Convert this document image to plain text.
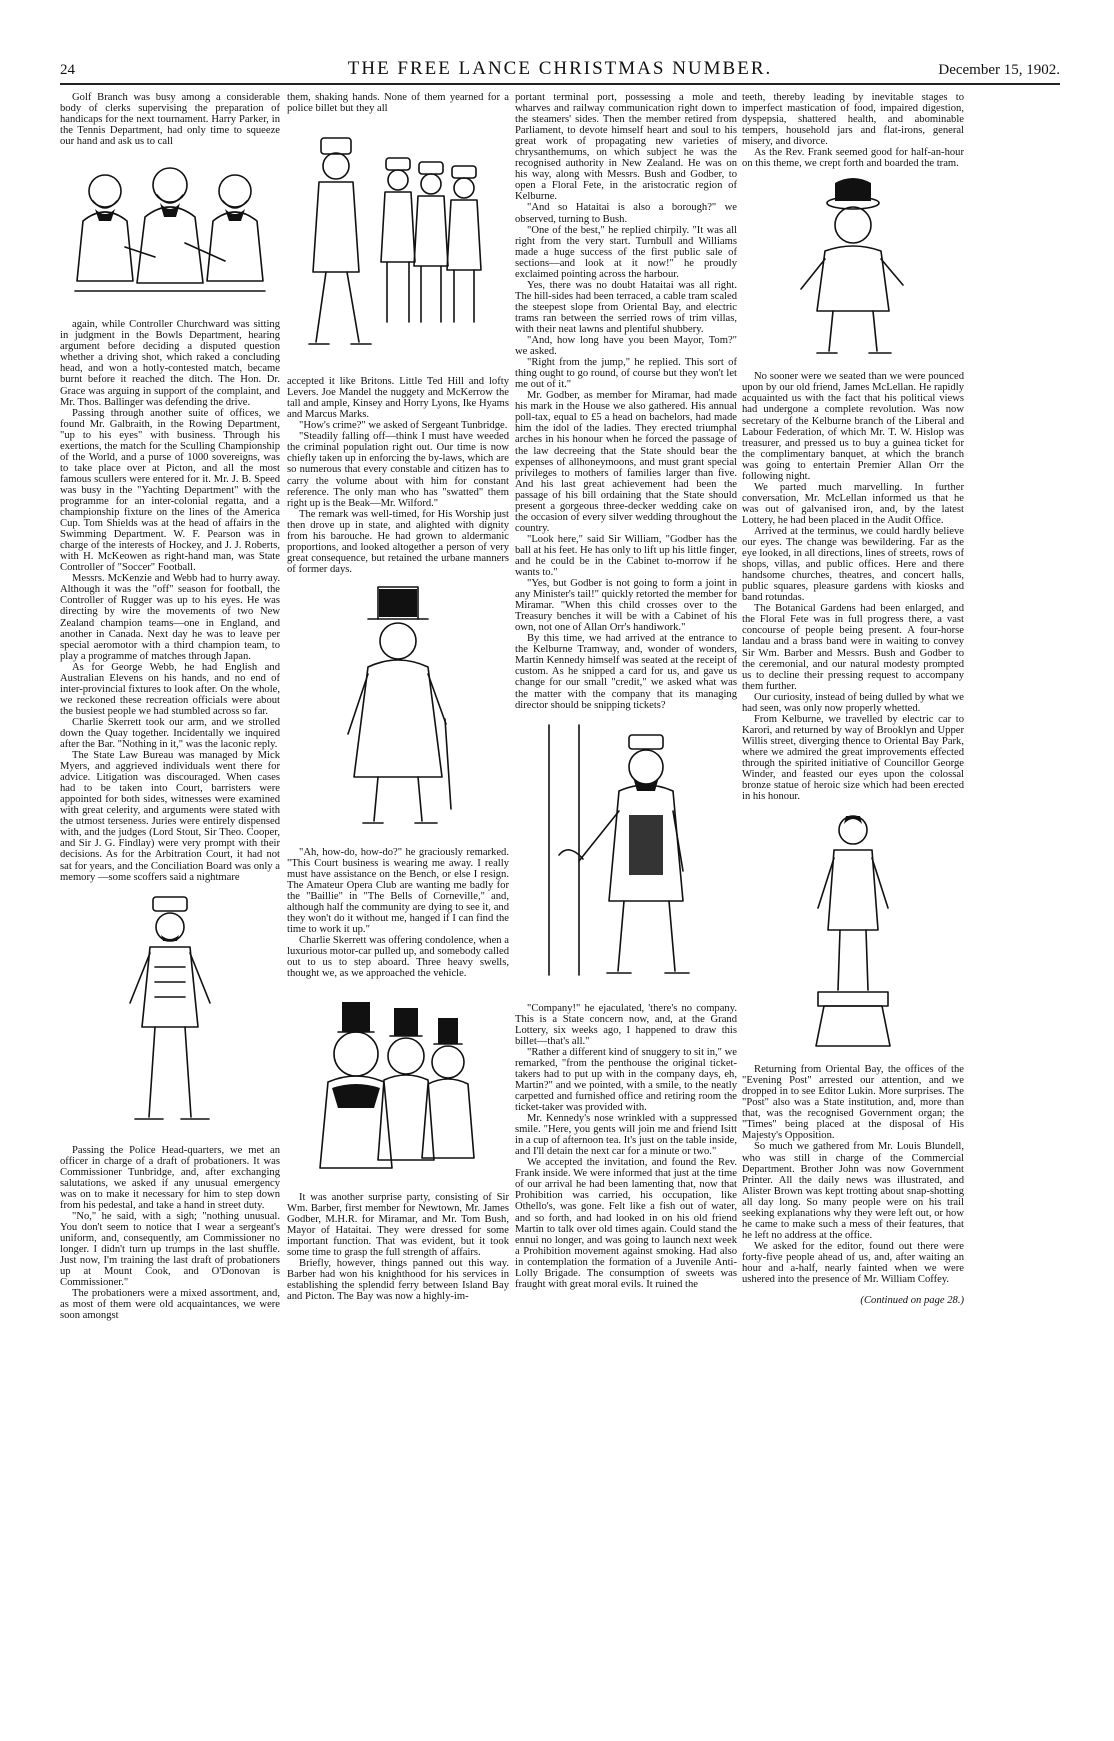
24	THE FREE LANCE CHRISTMAS NUMBER.	December 15, 1902.

Golf Branch was busy among a considerable body of clerks supervising the preparation of handicaps for the next tournament. Harry Parker, in the Tennis Department, had only time to squeeze our hand and ask us to call

again, while Controller Churchward was sitting in judgment in the Bowls Department, hearing argument before deciding a disputed question whether a driving shot, which raked a concluding head, and won a hotly-contested match, became burnt before it reached the ditch. The Hon. Dr. Grace was arguing in support of the complaint, and Mr. Thos. Ballinger was defending the drive.

Passing through another suite of offices, we found Mr. Galbraith, in the Rowing Department, "up to his eyes" with business. Through his exertions, the match for the Sculling Championship of the World, and a purse of 1000 sovereigns, was to take place over at Picton, and all the most famous scullers were entered for it. Mr. J. B. Speed was busy in the "Yachting Department" with the programme for an inter-colonial regatta, and a championship fixture on the lines of the America Cup. Tom Shields was at the head of affairs in the Swimming Department. W. F. Pearson was in charge of the interests of Hockey, and J. J. Roberts, with H. McKeowen as right-hand man, was State Controller of "Soccer" Football.

Messrs. McKenzie and Webb had to hurry away. Although it was the "off" season for football, the Controller of Rugger was up to his eyes. He was directing by wire the movements of two New Zealand champion teams—one in England, and another in Canada. Next day he was to leave per special aeromotor with a third champion team, to play a programme of matches through Japan.

As for George Webb, he had English and Australian Elevens on his hands, and no end of inter-provincial fixtures to look after. On the whole, we reckoned these recreation officials were about the busiest people we had stumbled across so far.

Charlie Skerrett took our arm, and we strolled down the Quay together. Incidentally we inquired after the Bar. "Nothing in it," was the laconic reply.

The State Law Bureau was managed by Mick Myers, and aggrieved individuals went there for advice. Litigation was discouraged. When cases had to be taken into Court, barristers were appointed for both sides, witnesses were examined with great celerity, and arguments were stated with the utmost terseness. Juries were entirely dispensed with, and the judges (Lord Stout, Sir Theo. Cooper, and Sir J. G. Findlay) were very prompt with their decisions. As for the Arbitration Court, it had not sat for years, and the Conciliation Board was only a memory —some scoffers said a nightmare

Passing the Police Head-quarters, we met an officer in charge of a draft of probationers. It was Commissioner Tunbridge, and, after exchanging salutations, we asked if any unusual emergency was on to make it necessary for him to step down from his pedestal, and take a hand in street duty.

"No," he said, with a sigh; "nothing unusual. You don't seem to notice that I wear a sergeant's uniform, and, consequently, am Commissioner no longer. I didn't turn up trumps in the last shuffle. Just now, I'm training the last draft of probationers up at Mount Cook, and O'Donovan is Commissioner."

The probationers were a mixed assortment, and, as most of them were old acquaintances, we were soon amongst

them, shaking hands. None of them yearned for a police billet but they all

accepted it like Britons. Little Ted Hill and lofty Levers. Joe Mandel the nuggety and McKerrow the tall and ample, Kinsey and Horry Lyons, Ike Hyams and Marcus Marks.

"How's crime?" we asked of Sergeant Tunbridge.

"Steadily falling off—think I must have weeded the criminal population right out. Our time is now chiefly taken up in enforcing the by-laws, which are so numerous that every constable and citizen has to carry the volume about with him for constant reference. The only man who has "swatted" them right up is the Beak—Mr. Wilford."

The remark was well-timed, for His Worship just then drove up in state, and alighted with dignity from his barouche. He had grown to aldermanic proportions, and looked altogether a person of very great consequence, but retained the urbane manners of former days.

"Ah, how-do, how-do?" he graciously remarked. "This Court business is wearing me away. I really must have assistance on the Bench, or else I resign. The Amateur Opera Club are wanting me badly for the "Baillie" in "The Bells of Corneville," and, although half the community are dying to see it, and they won't do it without me, hanged if I can find the time to work it up."

Charlie Skerrett was offering condolence, when a luxurious motor-car pulled up, and somebody called out to us to step aboard. Three heavy swells, thought we, as we approached the vehicle.

It was another surprise party, consisting of Sir Wm. Barber, first member for Newtown, Mr. James Godber, M.H.R. for Miramar, and Mr. Tom Bush, Mayor of Hataitai. They were dressed for some important function. That was evident, but it took some time to grasp the full strength of affairs.

Briefly, however, things panned out this way. Barber had won his knighthood for his services in establishing the splendid ferry between Island Bay and Picton. The Bay was now a highly-im-

portant terminal port, possessing a mole and wharves and railway communication right down to the steamers' sides. Then the member retired from Parliament, to devote himself heart and soul to his great work of propagating new varieties of chrysanthemums, on which subject he was the recognised authority in New Zealand. He was on his way, along with Messrs. Bush and Godber, to open a Floral Fete, in the aristocratic region of Kelburne.

"And so Hataitai is also a borough?" we observed, turning to Bush.

"One of the best," he replied chirpily. "It was all right from the very start. Turnbull and Williams made a huge success of the first public sale of sections—and look at it now!" he proudly exclaimed pointing across the harbour.

Yes, there was no doubt Hataitai was all right. The hill-sides had been terraced, a cable tram scaled the steepest slope from Oriental Bay, and electric trams ran between the serried rows of trim villas, with their neat lawns and plentiful shubbery.

"And, how long have you been Mayor, Tom?" we asked.

"Right from the jump," he replied. This sort of thing ought to go round, of course but they won't let me out of it."

Mr. Godber, as member for Miramar, had made his mark in the House we also gathered. His annual poll-tax, equal to £5 a head on bachelors, had made him the idol of the ladies. They erected triumphal arches in his honour when he forced the passage of the law decreeing that the State should bear the expenses of allhoneymoons, and must grant special privileges to mothers of families larger than five. And his last great achievement had been the passage of his bill ordaining that the State should present a gorgeous three-decker wedding cake on the occasion of every silver wedding throughout the country.

"Look here," said Sir William, "Godber has the ball at his feet. He has only to lift up his little finger, and he could be in the Cabinet to-morrow if he wants to."

"Yes, but Godber is not going to form a joint in any Minister's tail!" quickly retorted the member for Miramar. "When this child crosses over to the Treasury benches it will be with a Cabinet of his own, not one of Allan Orr's handiwork."

By this time, we had arrived at the entrance to the Kelburne Tramway, and, wonder of wonders, Martin Kennedy himself was seated at the receipt of custom. As he snipped a card for us, and gave us change for our small "credit," we asked what was the matter with the company that its managing director should be snipping tickets?

"Company!" he ejaculated, 'there's no company. This is a State concern now, and, at the Grand Lottery, six weeks ago, I happened to draw this billet—that's all."

"Rather a different kind of snuggery to sit in," we remarked, "from the penthouse the original ticket-takers had to put up with in the company days, eh, Martin?" and we pointed, with a smile, to the neatly carpetted and furnished office and retiring room the ticket-taker was provided with.

Mr. Kennedy's nose wrinkled with a suppressed smile. "Here, you gents will join me and friend Isitt in a cup of afternoon tea. It's just on the table inside, and I'll detain the next car for a minute or two."

We accepted the invitation, and found the Rev. Frank inside. We were informed that just at the time of our arrival he had been lamenting that, now that Prohibition was carried, his occupation, like Othello's, was gone. Felt like a fish out of water, and so forth, and had looked in on his old friend Martin to talk over old times again. Could stand the ennui no longer, and was going to launch next week a Prohibition movement against smoking. Had also in contemplation the formation of a Juvenile Anti-Lolly Brigade. The consumption of sweets was fraught with great moral evils. It ruined the

teeth, thereby leading by inevitable stages to imperfect mastication of food, impaired digestion, dyspepsia, shattered health, and abominable tempers, household jars and flat-irons, general misery, and divorce.

As the Rev. Frank seemed good for half-an-hour on this theme, we crept forth and boarded the tram.

No sooner were we seated than we were pounced upon by our old friend, James McLellan. He rapidly acquainted us with the fact that his political views had undergone a complete revolution. Was now secretary of the Kelburne branch of the Liberal and Labour Federation, of which Mr. T. W. Hislop was treasurer, and pressed us to buy a guinea ticket for the complimentary banquet, at which the branch was going to entertain Premier Allan Orr the following night.

We parted much marvelling. In further conversation, Mr. McLellan informed us that he was out of galvanised iron, and, by the latest Lottery, he had been placed in the Audit Office.

Arrived at the terminus, we could hardly believe our eyes. The change was bewildering. Far as the eye looked, in all directions, lines of streets, rows of shops, villas, and public offices. Here and there handsome churches, theatres, and concert halls, public squares, pleasure gardens with kiosks and band rotundas.

The Botanical Gardens had been enlarged, and the Floral Fete was in full progress there, a vast concourse of people being present. A four-horse landau and a brass band were in waiting to convey Sir Wm. Barber and Messrs. Bush and Godber to the ceremonial, and our natural modesty prompted us to decline their pressing request to accompany them further.

Our curiosity, instead of being dulled by what we had seen, was only now properly whetted.

From Kelburne, we travelled by electric car to Karori, and returned by way of Brooklyn and Upper Willis street, diverging thence to Oriental Bay Park, where we admired the great improvements effected through the spirited initiative of Councillor George Winder, and feasted our eyes upon the colossal bronze statue of heroic size which had been erected in his honour.

Returning from Oriental Bay, the offices of the "Evening Post" arrested our attention, and we dropped in to see Editor Lukin. More surprises. The "Post" also was a State institution, and, more than that, was the recognised Government organ; the "Times" being placed at the disposal of His Majesty's Opposition.

So much we gathered from Mr. Louis Blundell, who was still in charge of the Commercial Department. Brother John was now Government Printer. All the daily news was illustrated, and Alister Brown was kept trotting about snap-shotting all day long. So many people were on his trail seeking explanations why they were left out, or how he came to make such a mess of their features, that he left no address at the office.

We asked for the editor, found out there were forty-five people ahead of us, and, after waiting an hour and a-half, nearly fainted when we were ushered into the presence of Mr. William Coffey.

(Continued on page 28.)
